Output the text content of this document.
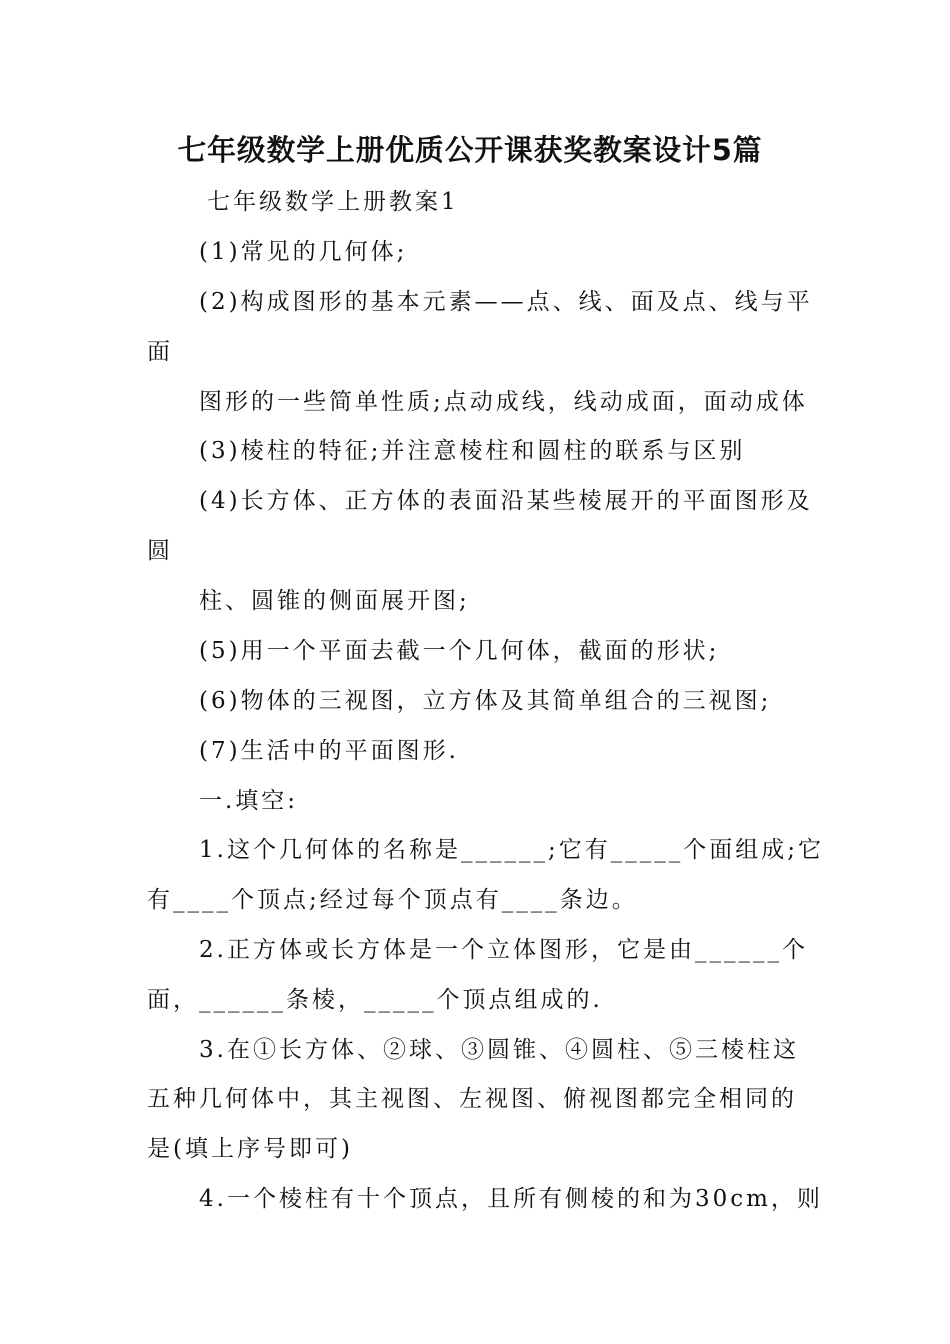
七年级数学上册优质公开课获奖教案设计5篇
七年级数学上册教案1
(1)常见的几何体;
(2)构成图形的基本元素——点、线、面及点、线与平
面
图形的一些简单性质;点动成线，线动成面，面动成体
(3)棱柱的特征;并注意棱柱和圆柱的联系与区别
(4)长方体、正方体的表面沿某些棱展开的平面图形及
圆
柱、圆锥的侧面展开图;
(5)用一个平面去截一个几何体，截面的形状;
(6)物体的三视图，立方体及其简单组合的三视图;
(7)生活中的平面图形.
一.填空:
1.这个几何体的名称是______;它有_____个面组成;它
有____个顶点;经过每个顶点有____条边。
2.正方体或长方体是一个立体图形，它是由______个
面，______条棱，_____个顶点组成的.
3.在①长方体、②球、③圆锥、④圆柱、⑤三棱柱这
五种几何体中，其主视图、左视图、俯视图都完全相同的
是(填上序号即可)
4.一个棱柱有十个顶点，且所有侧棱的和为30cm，则
